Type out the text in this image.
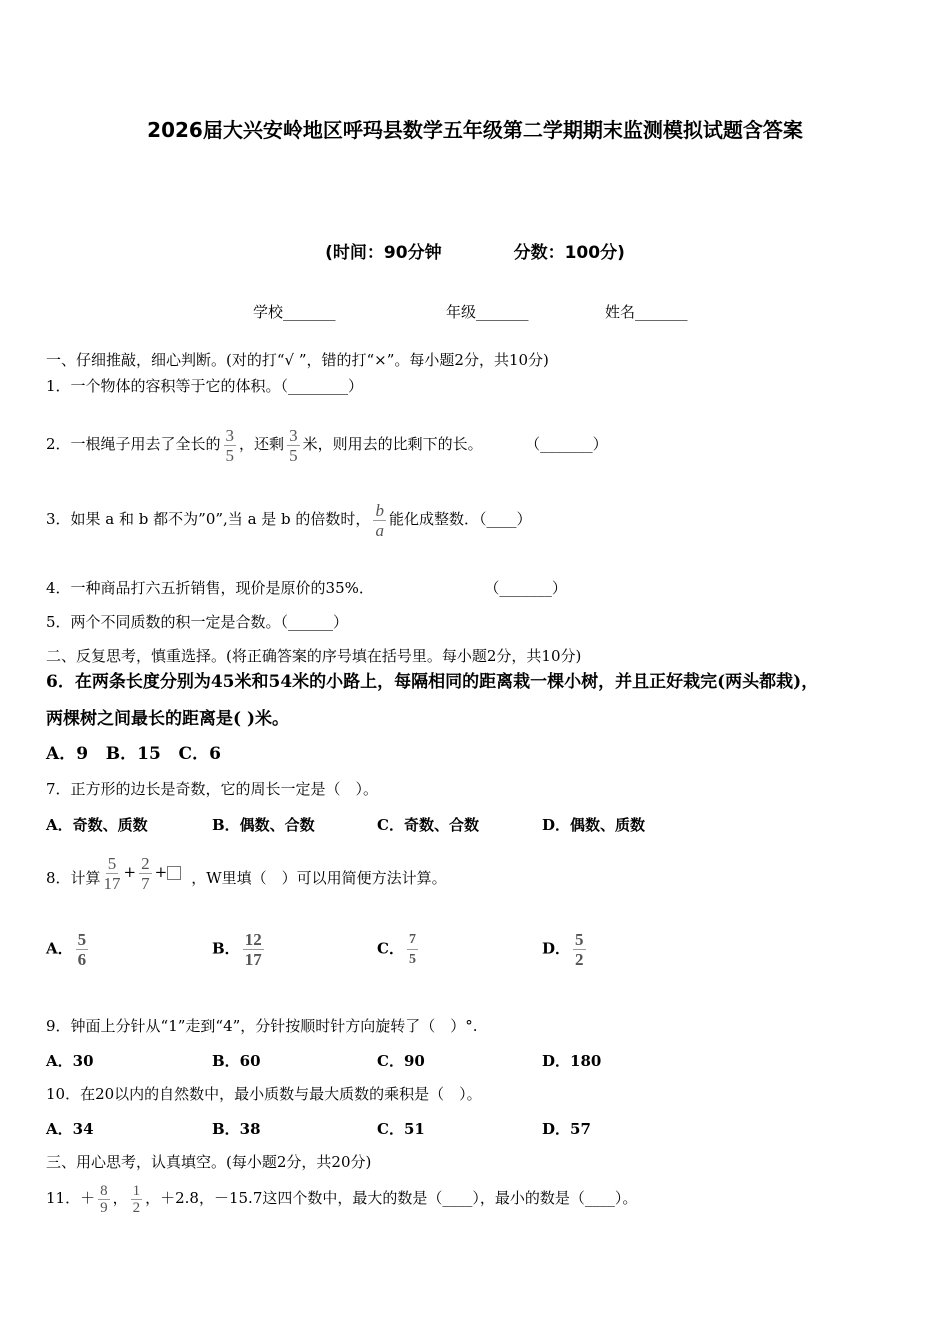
2026届大兴安岭地区呼玛县数学五年级第二学期期末监测模拟试题含答案
(时间：90分钟	分数：100分)
学校_______	年级_______	姓名_______
一、仔细推敲，细心判断。(对的打“√ ”，错的打“×”。每小题2分，共10分)
1．一个物体的容积等于它的体积。（________）
2．一根绳子用去了全长的 $\frac{3}{5}$ ，还剩 $\frac{3}{5}$ 米，则用去的比剩下的长。	（_______）
3．如果 a 和 b 都不为”0”,当 a 是 b 的倍数时， $\frac{b}{a}$ 能化成整数．（____）
4．一种商品打六五折销售，现价是原价的35%．	（_______）
5．两个不同质数的积一定是合数。（______）
二、反复思考，慎重选择。(将正确答案的序号填在括号里。每小题2分，共10分)
6．在两条长度分别为45米和54米的小路上，每隔相同的距离栽一棵小树，并且正好栽完(两头都栽)，
两棵树之间最长的距离是( )米。
A．9   B．15   C．6
7．正方形的边长是奇数，它的周长一定是（　）。
A．奇数、质数	B．偶数、合数	C．奇数、合数	D．偶数、质数
8．计算 $\frac{5}{17} + \frac{2}{7}$ + ，W里填（　）可以用简便方法计算。
A． $\frac{5}{6}$	B． $\frac{12}{17}$	C． $\frac{7}{5}$	D． $\frac{5}{2}$
9．钟面上分针从“1”走到“4”，分针按顺时针方向旋转了（　）°.
A．30	B．60	C．90	D．180
10．在20以内的自然数中，最小质数与最大质数的乘积是（　）。
A．34	B．38	C．51	D．57
三、用心思考，认真填空。(每小题2分，共20分)
11．＋ $\frac{8}{9}$ ， $\frac{1}{2}$ ，＋2.8，－15.7这四个数中，最大的数是（____），最小的数是（____）。
